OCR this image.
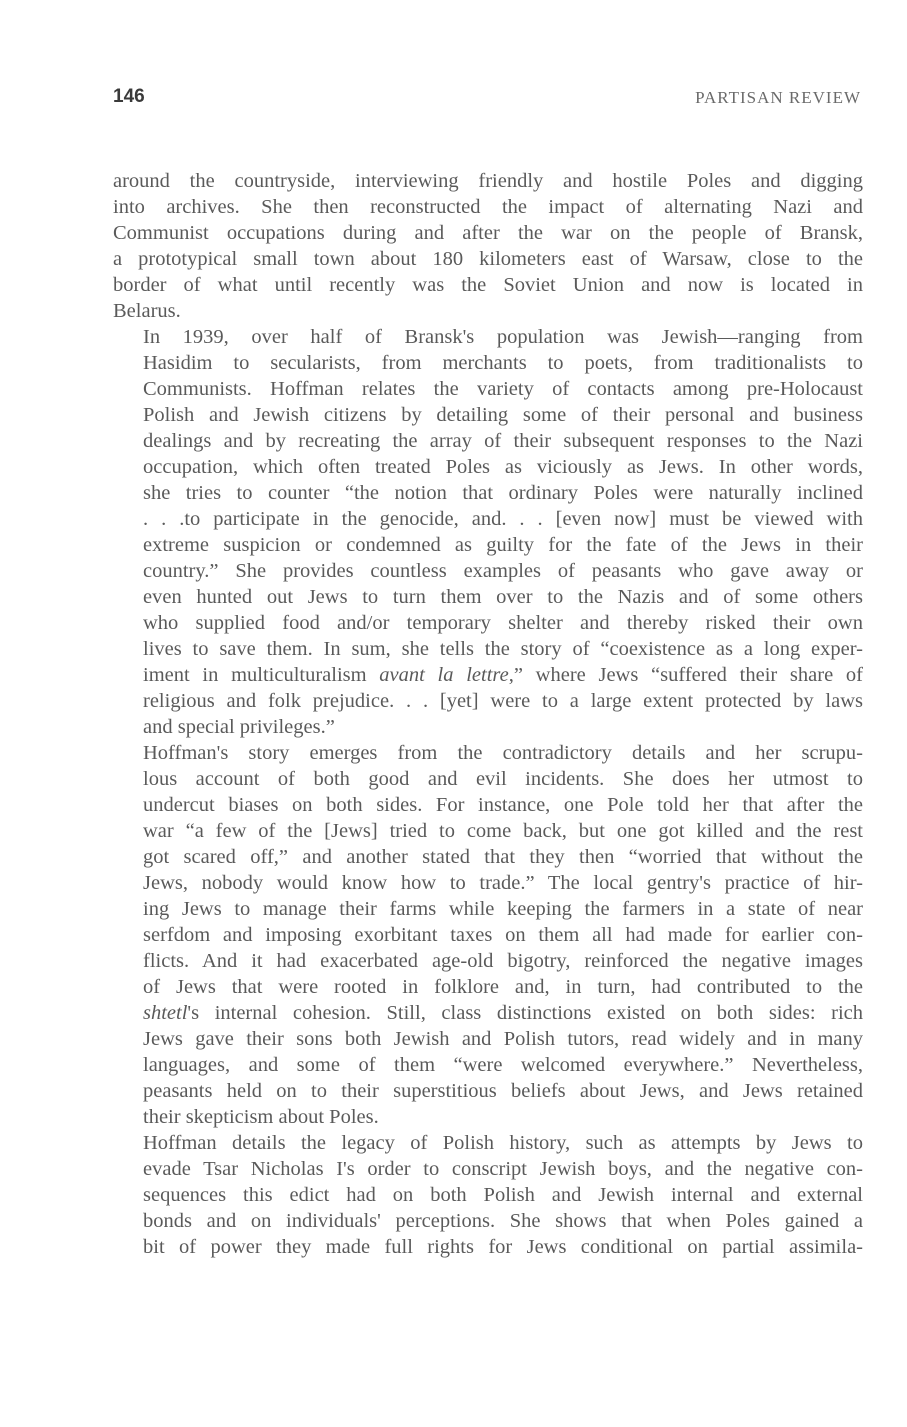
146	PARTISAN REVIEW

around the countryside, interviewing friendly and hostile Poles and digging
into archives. She then reconstructed the impact of alternating Nazi and
Communist occupations during and after the war on the people of Bransk,
a prototypical small town about 180 kilometers east of Warsaw, close to the
border of what until recently was the Soviet Union and now is located in
Belarus.

In 1939, over half of Bransk's population was Jewish—ranging from
Hasidim to secularists, from merchants to poets, from traditionalists to
Communists. Hoffman relates the variety of contacts among pre-Holocaust
Polish and Jewish citizens by detailing some of their personal and business
dealings and by recreating the array of their subsequent responses to the Nazi
occupation, which often treated Poles as viciously as Jews. In other words,
she tries to counter “the notion that ordinary Poles were naturally inclined
. . .to participate in the genocide, and. . . [even now] must be viewed with
extreme suspicion or condemned as guilty for the fate of the Jews in their
country.” She provides countless examples of peasants who gave away or
even hunted out Jews to turn them over to the Nazis and of some others
who supplied food and/or temporary shelter and thereby risked their own
lives to save them. In sum, she tells the story of “coexistence as a long exper-
iment in multiculturalism avant la lettre,” where Jews “suffered their share of
religious and folk prejudice. . . [yet] were to a large extent protected by laws
and special privileges.”

Hoffman's story emerges from the contradictory details and her scrupu-
lous account of both good and evil incidents. She does her utmost to
undercut biases on both sides. For instance, one Pole told her that after the
war “a few of the [Jews] tried to come back, but one got killed and the rest
got scared off,” and another stated that they then “worried that without the
Jews, nobody would know how to trade.” The local gentry's practice of hir-
ing Jews to manage their farms while keeping the farmers in a state of near
serfdom and imposing exorbitant taxes on them all had made for earlier con-
flicts. And it had exacerbated age-old bigotry, reinforced the negative images
of Jews that were rooted in folklore and, in turn, had contributed to the
shtetl's internal cohesion. Still, class distinctions existed on both sides: rich
Jews gave their sons both Jewish and Polish tutors, read widely and in many
languages, and some of them “were welcomed everywhere.” Nevertheless,
peasants held on to their superstitious beliefs about Jews, and Jews retained
their skepticism about Poles.

Hoffman details the legacy of Polish history, such as attempts by Jews to
evade Tsar Nicholas I's order to conscript Jewish boys, and the negative con-
sequences this edict had on both Polish and Jewish internal and external
bonds and on individuals' perceptions. She shows that when Poles gained a
bit of power they made full rights for Jews conditional on partial assimila-
